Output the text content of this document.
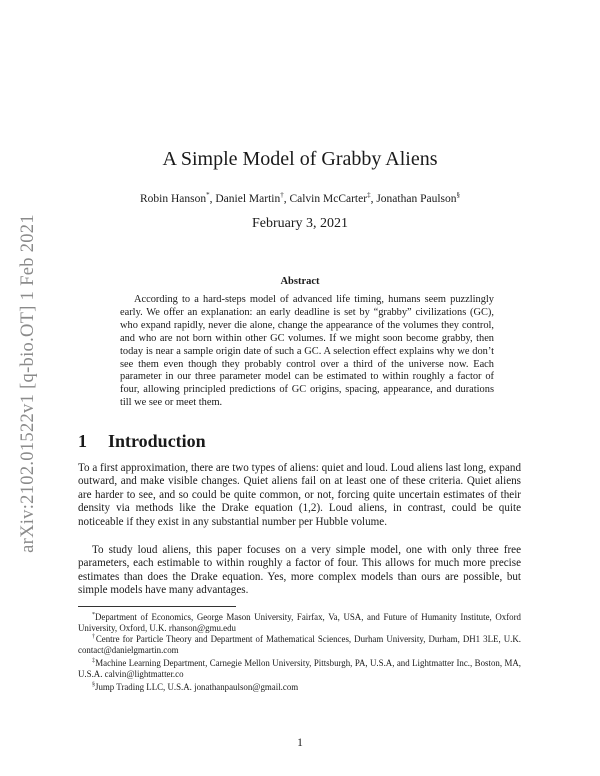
arXiv:2102.01522v1 [q-bio.OT] 1 Feb 2021
A Simple Model of Grabby Aliens
Robin Hanson*, Daniel Martin†, Calvin McCarter‡, Jonathan Paulson§
February 3, 2021
Abstract

According to a hard-steps model of advanced life timing, humans seem puzzlingly early. We offer an explanation: an early deadline is set by “grabby” civilizations (GC), who expand rapidly, never die alone, change the appearance of the volumes they control, and who are not born within other GC volumes. If we might soon become grabby, then today is near a sample origin date of such a GC. A selection effect explains why we don’t see them even though they probably control over a third of the universe now. Each parameter in our three parameter model can be estimated to within roughly a factor of four, allowing principled predictions of GC origins, spacing, appearance, and durations till we see or meet them.

1 Introduction

To a first approximation, there are two types of aliens: quiet and loud. Loud aliens last long, expand outward, and make visible changes. Quiet aliens fail on at least one of these criteria. Quiet aliens are harder to see, and so could be quite common, or not, forcing quite uncertain estimates of their density via methods like the Drake equation (1,2). Loud aliens, in contrast, could be quite noticeable if they exist in any substantial number per Hubble volume.

To study loud aliens, this paper focuses on a very simple model, one with only three free parameters, each estimable to within roughly a factor of four. This allows for much more precise estimates than does the Drake equation. Yes, more complex models than ours are possible, but simple models have many advantages.

*Department of Economics, George Mason University, Fairfax, Va, USA, and Future of Humanity Institute, Oxford University, Oxford, U.K. rhanson@gmu.edu

†Centre for Particle Theory and Department of Mathematical Sciences, Durham University, Durham, DH1 3LE, U.K. contact@danielgmartin.com

‡Machine Learning Department, Carnegie Mellon University, Pittsburgh, PA, U.S.A, and Lightmatter Inc., Boston, MA, U.S.A. calvin@lightmatter.co

§Jump Trading LLC, U.S.A. jonathanpaulson@gmail.com

1
